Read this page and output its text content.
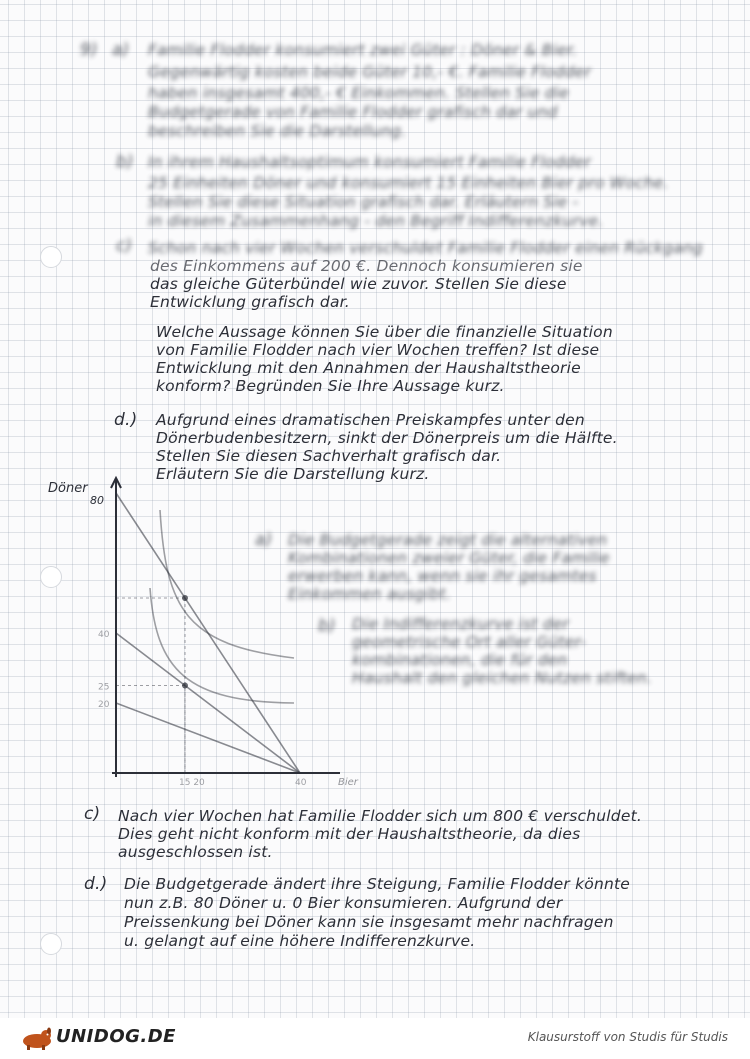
9) a) Familie Flodder konsumiert zwei Güter : Döner & Bier.
Gegenwärtig kosten beide Güter 10,- €. Familie Flodder
haben insgesamt 400,- € Einkommen. Stellen Sie die
Budgetgerade von Familie Flodder grafisch dar und
beschreiben Sie die Darstellung.
b) In ihrem Haushaltsoptimum konsumiert Familie Flodder
25 Einheiten Döner und konsumiert 15 Einheiten Bier pro Woche.
Stellen Sie diese Situation grafisch dar. Erläutern Sie -
in diesem Zusammenhang - den Begriff Indifferenzkurve.
c) Schon nach vier Wochen verschuldet Familie Flodder einen Rückgang
des Einkommens auf 200 €. Dennoch konsumieren sie
das gleiche Güterbündel wie zuvor. Stellen Sie diese
Entwicklung grafisch dar.
Welche Aussage können Sie über die finanzielle Situation
von Familie Flodder nach vier Wochen treffen? Ist diese
Entwicklung mit den Annahmen der Haushaltstheorie
konform? Begründen Sie Ihre Aussage kurz.
d.) Aufgrund eines dramatischen Preiskampfes unter den
Dönerbudenbesitzern, sinkt der Dönerpreis um die Hälfte.
Stellen Sie diesen Sachverhalt grafisch dar.
Erläutern Sie die Darstellung kurz.
Döner
80
Bier
40
25
20
15 20	40
a) Die Budgetgerade zeigt die alternativen
Kombinationen zweier Güter, die Familie
erwerben kann, wenn sie ihr gesamtes
Einkommen ausgibt.
b) Die Indifferenzkurve ist der
geometrische Ort aller Güter-
kombinationen, die für den
Haushalt den gleichen Nutzen stiften.
c) Nach vier Wochen hat Familie Flodder sich um 800 € verschuldet.
Dies geht nicht konform mit der Haushaltstheorie, da dies
ausgeschlossen ist.
d.) Die Budgetgerade ändert ihre Steigung, Familie Flodder könnte
nun z.B. 80 Döner u. 0 Bier konsumieren. Aufgrund der
Preissenkung bei Döner kann sie insgesamt mehr nachfragen
u. gelangt auf eine höhere Indifferenzkurve.
UNIDOG.DE	Klausurstoff von Studis für Studis
